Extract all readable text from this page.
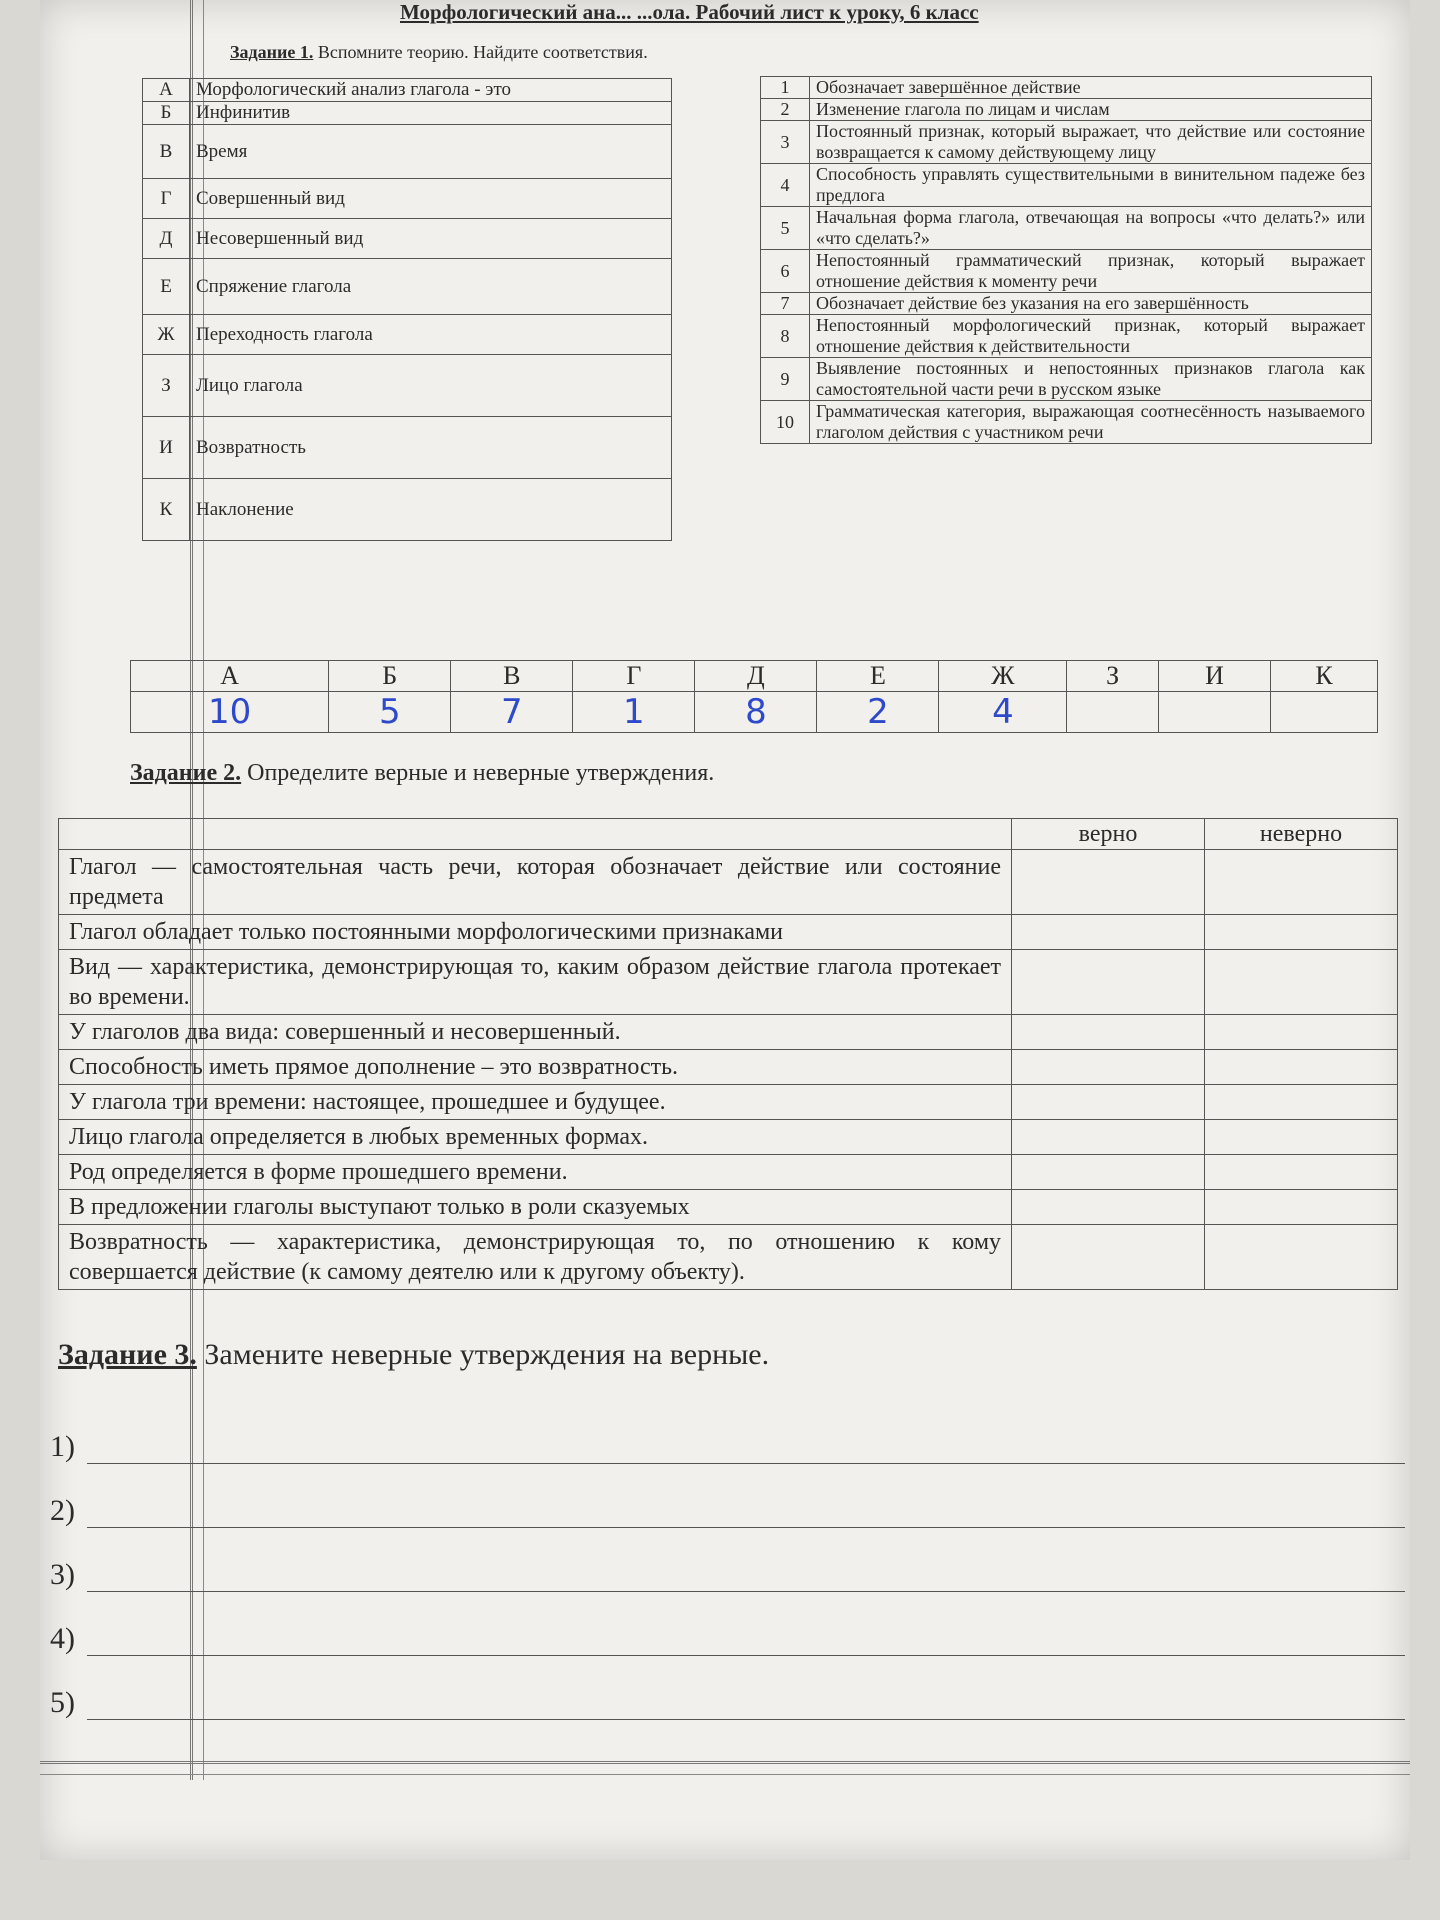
Морфологический ана... ...ола. Рабочий лист к уроку, 6 класс
Задание 1. Вспомните теорию. Найдите соответствия.
А	Морфологический анализ глагола - это
Б	Инфинитив
В	Время
Г	Совершенный вид
Д	Несовершенный вид
Е	Спряжение глагола
Ж	Переходность глагола
З	Лицо глагола
И	Возвратность
К	Наклонение
1	Обозначает завершённое действие
2	Изменение глагола по лицам и числам
3	Постоянный признак, который выражает, что действие или состояние возвращается к самому действующему лицу
4	Способность управлять существительными в винительном падеже без предлога
5	Начальная форма глагола, отвечающая на вопросы «что делать?» или «что сделать?»
6	Непостоянный грамматический признак, который выражает отношение действия к моменту речи
7	Обозначает действие без указания на его завершённость
8	Непостоянный морфологический признак, который выражает отношение действия к действительности
9	Выявление постоянных и непостоянных признаков глагола как самостоятельной части речи в русском языке
10	Грамматическая категория, выражающая соотнесённость называемого глаголом действия с участником речи
А	Б	В	Г	Д	Е	Ж	З	И	К
10	5	7	1	8	2	4			
Задание 2. Определите верные и неверные утверждения.
	верно	неверно
Глагол — самостоятельная часть речи, которая обозначает действие или состояние предмета		
Глагол обладает только постоянными морфологическими признаками		
Вид — характеристика, демонстрирующая то, каким образом действие глагола протекает во времени.		
У глаголов два вида: совершенный и несовершенный.		
Способность иметь прямое дополнение – это возвратность.		
У глагола три времени: настоящее, прошедшее и будущее.		
Лицо глагола определяется в любых временных формах.		
Род определяется в форме прошедшего времени.		
В предложении глаголы выступают только в роли сказуемых		
Возвратность — характеристика, демонстрирующая то, по отношению к кому совершается действие (к самому деятелю или к другому объекту).		
Задание 3. Замените неверные утверждения на верные.
1)
2)
3)
4)
5)
